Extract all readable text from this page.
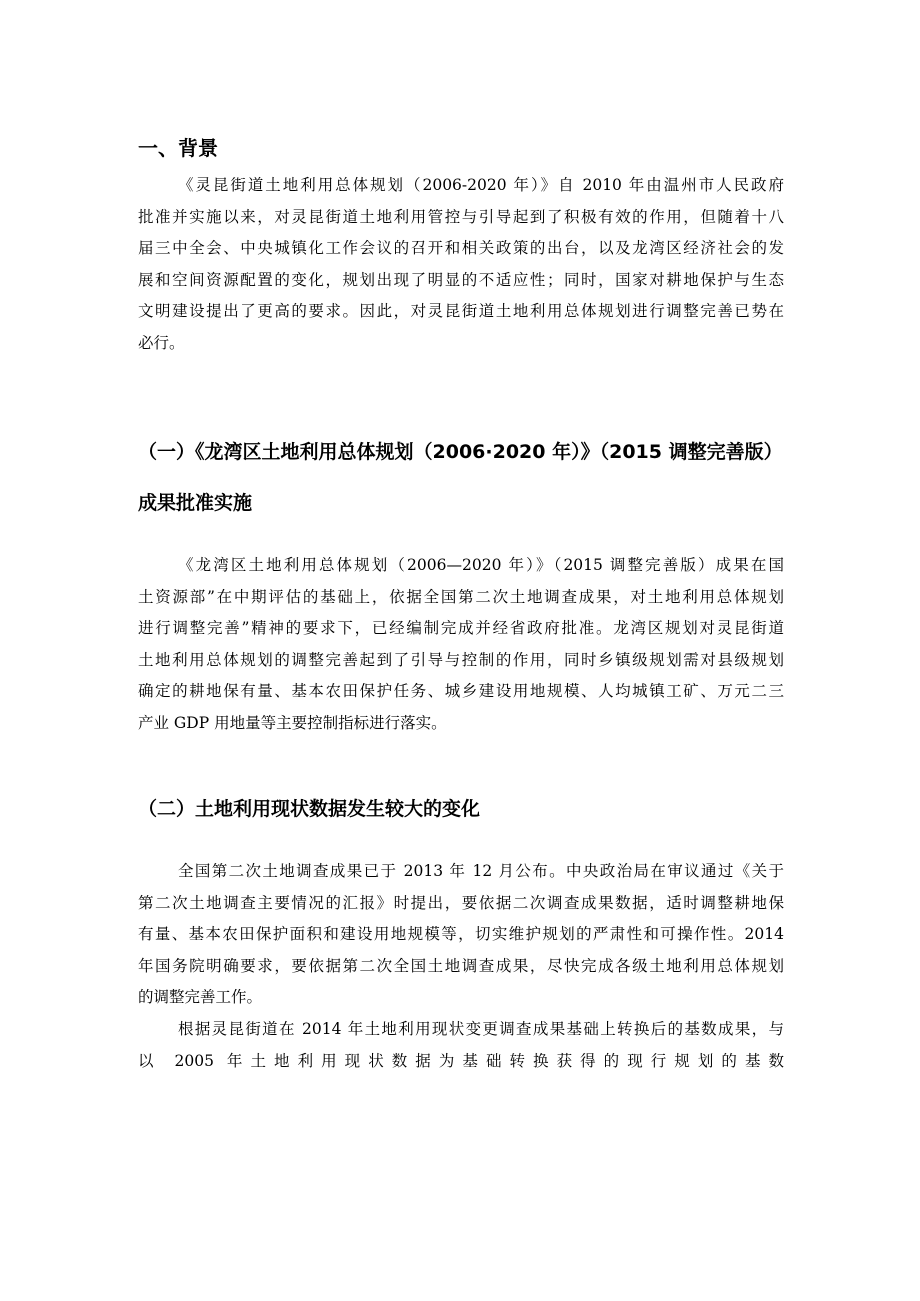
一、背景
《灵昆街道土地利用总体规划（2006-2020 年）》自 2010 年由温州市人民政府
批准并实施以来，对灵昆街道土地利用管控与引导起到了积极有效的作用，但随着十八
届三中全会、中央城镇化工作会议的召开和相关政策的出台，以及龙湾区经济社会的发
展和空间资源配置的变化，规划出现了明显的不适应性；同时，国家对耕地保护与生态
文明建设提出了更高的要求。因此，对灵昆街道土地利用总体规划进行调整完善已势在
必行。
（一）《龙湾区土地利用总体规划（2006·2020 年）》（2015 调整完善版）
成果批准实施
《龙湾区土地利用总体规划（2006—2020 年）》（2015 调整完善版）成果在国
土资源部”在中期评估的基础上，依据全国第二次土地调查成果，对土地利用总体规划
进行调整完善”精神的要求下，已经编制完成并经省政府批准。龙湾区规划对灵昆街道
土地利用总体规划的调整完善起到了引导与控制的作用，同时乡镇级规划需对县级规划
确定的耕地保有量、基本农田保护任务、城乡建设用地规模、人均城镇工矿、万元二三
产业 GDP 用地量等主要控制指标进行落实。
（二）土地利用现状数据发生较大的变化
全国第二次土地调查成果已于 2013 年 12 月公布。中央政治局在审议通过《关于
第二次土地调查主要情况的汇报》时提出，要依据二次调查成果数据，适时调整耕地保
有量、基本农田保护面积和建设用地规模等，切实维护规划的严肃性和可操作性。2014
年国务院明确要求，要依据第二次全国土地调查成果，尽快完成各级土地利用总体规划
的调整完善工作。
根据灵昆街道在 2014 年土地利用现状变更调查成果基础上转换后的基数成果，与
以 2005 年土地利用现状数据为基础转换获得的现行规划的基数
